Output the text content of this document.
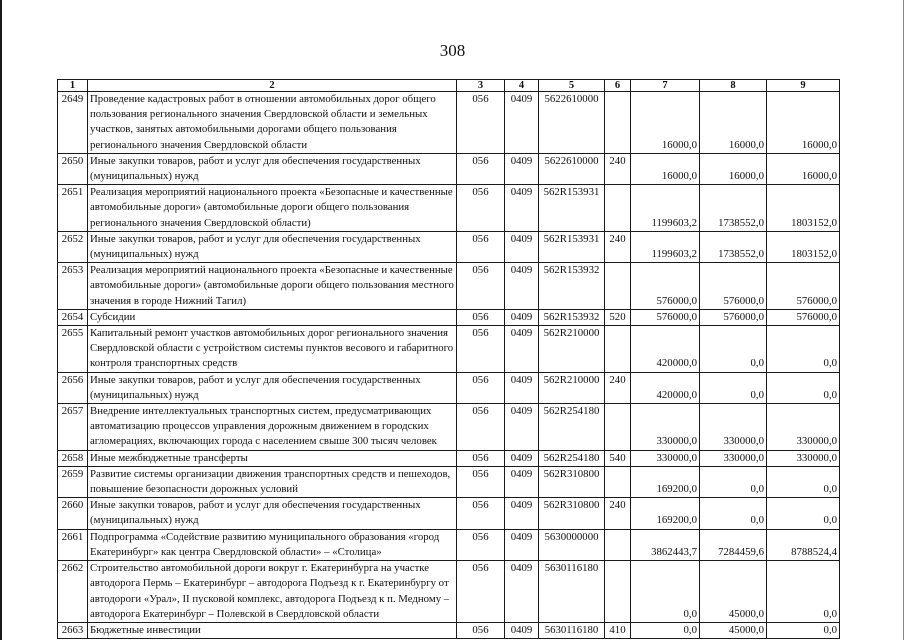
308
1	2	3	4	5	6	7	8	9
2649	Проведение кадастровых работ в отношении автомобильных дорог общего
пользования регионального значения Свердловской области и земельных
участков, занятых автомобильными дорогами общего пользования
регионального значения Свердловской области	056	0409	5622610000		16000,0	16000,0	16000,0
2650	Иные закупки товаров, работ и услуг для обеспечения государственных
(муниципальных) нужд	056	0409	5622610000	240	16000,0	16000,0	16000,0
2651	Реализация мероприятий национального проекта «Безопасные и качественные
автомобильные дороги» (автомобильные дороги общего пользования
регионального значения Свердловской области)	056	0409	562R153931		1199603,2	1738552,0	1803152,0
2652	Иные закупки товаров, работ и услуг для обеспечения государственных
(муниципальных) нужд	056	0409	562R153931	240	1199603,2	1738552,0	1803152,0
2653	Реализация мероприятий национального проекта «Безопасные и качественные
автомобильные дороги» (автомобильные дороги общего пользования местного
значения в городе Нижний Тагил)	056	0409	562R153932		576000,0	576000,0	576000,0
2654	Субсидии	056	0409	562R153932	520	576000,0	576000,0	576000,0
2655	Капитальный ремонт участков автомобильных дорог регионального значения
Свердловской области с устройством системы пунктов весового и габаритного
контроля транспортных средств	056	0409	562R210000		420000,0	0,0	0,0
2656	Иные закупки товаров, работ и услуг для обеспечения государственных
(муниципальных) нужд	056	0409	562R210000	240	420000,0	0,0	0,0
2657	Внедрение интеллектуальных транспортных систем, предусматривающих
автоматизацию процессов управления дорожным движением в городских
агломерациях, включающих города с населением свыше 300 тысяч человек	056	0409	562R254180		330000,0	330000,0	330000,0
2658	Иные межбюджетные трансферты	056	0409	562R254180	540	330000,0	330000,0	330000,0
2659	Развитие системы организации движения транспортных средств и пешеходов,
повышение безопасности дорожных условий	056	0409	562R310800		169200,0	0,0	0,0
2660	Иные закупки товаров, работ и услуг для обеспечения государственных
(муниципальных) нужд	056	0409	562R310800	240	169200,0	0,0	0,0
2661	Подпрограмма «Содействие развитию муниципального образования «город
Екатеринбург» как центра Свердловской области» – «Столица»	056	0409	5630000000		3862443,7	7284459,6	8788524,4
2662	Строительство автомобильной дороги вокруг г. Екатеринбурга на участке
автодорога Пермь – Екатеринбург – автодорога Подъезд к г. Екатеринбургу от
автодороги «Урал», II пусковой комплекс, автодорога Подъезд к п. Медному –
автодорога Екатеринбург – Полевской в Свердловской области	056	0409	5630116180		0,0	45000,0	0,0
2663	Бюджетные инвестиции	056	0409	5630116180	410	0,0	45000,0	0,0
